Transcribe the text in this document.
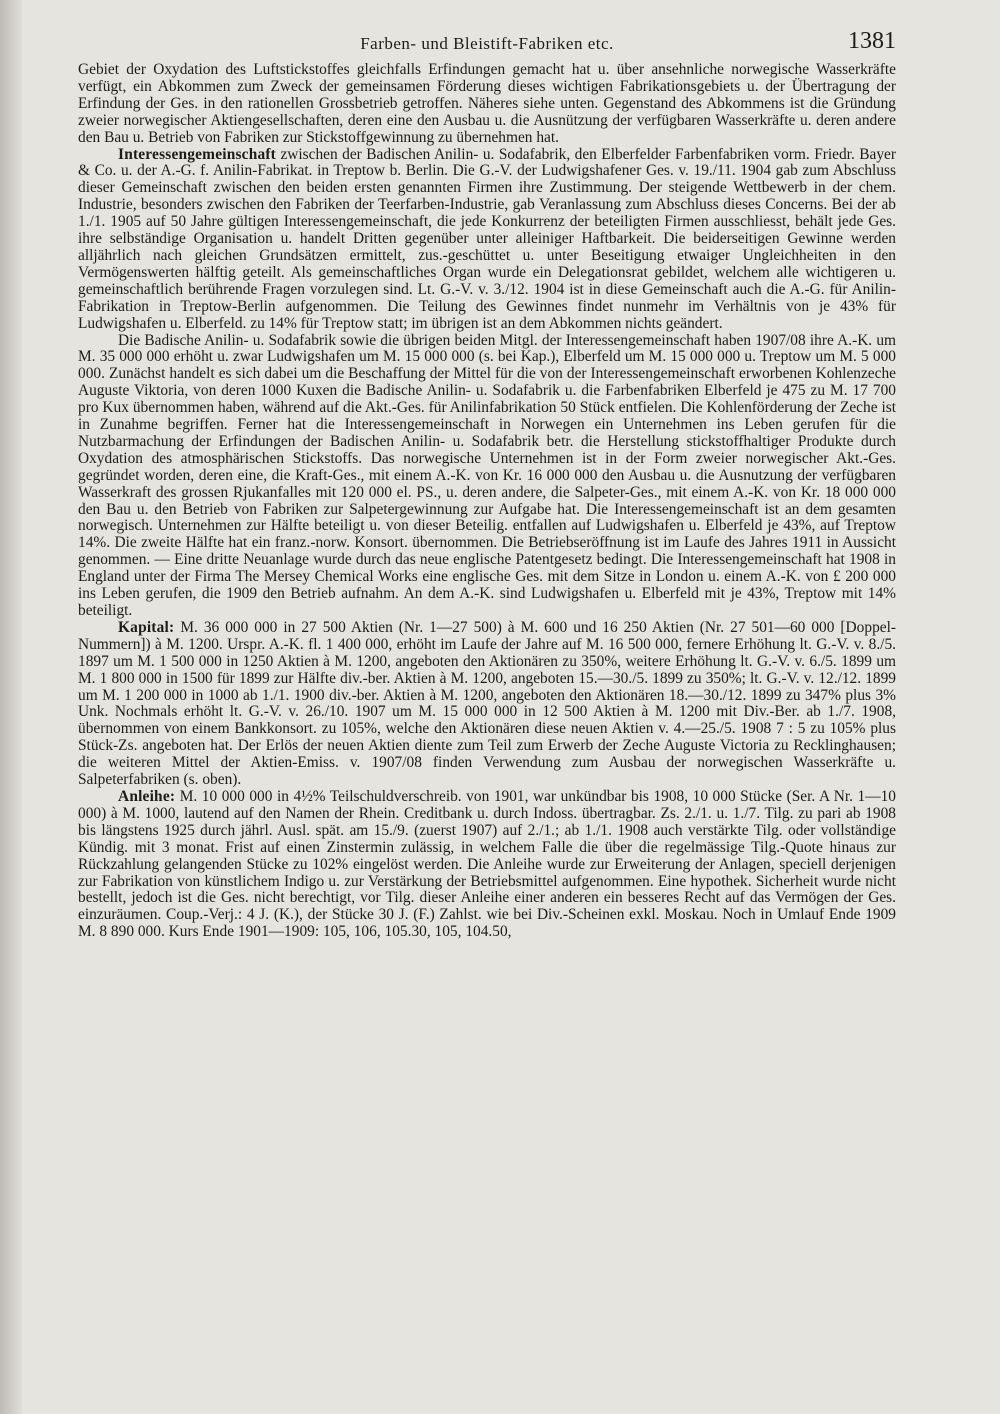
Farben- und Bleistift-Fabriken etc.	1381

Gebiet der Oxydation des Luftstickstoffes gleichfalls Erfindungen gemacht hat u. über ansehnliche norwegische Wasserkräfte verfügt, ein Abkommen zum Zweck der gemeinsamen Förderung dieses wichtigen Fabrikationsgebiets u. der Übertragung der Erfindung der Ges. in den rationellen Grossbetrieb getroffen. Näheres siehe unten. Gegenstand des Abkommens ist die Gründung zweier norwegischer Aktiengesellschaften, deren eine den Ausbau u. die Ausnützung der verfügbaren Wasserkräfte u. deren andere den Bau u. Betrieb von Fabriken zur Stickstoffgewinnung zu übernehmen hat.

Interessengemeinschaft zwischen der Badischen Anilin- u. Sodafabrik, den Elberfelder Farbenfabriken vorm. Friedr. Bayer & Co. u. der A.-G. f. Anilin-Fabrikat. in Treptow b. Berlin. Die G.-V. der Ludwigshafener Ges. v. 19./11. 1904 gab zum Abschluss dieser Gemeinschaft zwischen den beiden ersten genannten Firmen ihre Zustimmung. Der steigende Wettbewerb in der chem. Industrie, besonders zwischen den Fabriken der Teerfarben-Industrie, gab Veranlassung zum Abschluss dieses Concerns. Bei der ab 1./1. 1905 auf 50 Jahre gültigen Interessengemeinschaft, die jede Konkurrenz der beteiligten Firmen ausschliesst, behält jede Ges. ihre selbständige Organisation u. handelt Dritten gegenüber unter alleiniger Haftbarkeit. Die beiderseitigen Gewinne werden alljährlich nach gleichen Grundsätzen ermittelt, zus.-geschüttet u. unter Beseitigung etwaiger Ungleichheiten in den Vermögenswerten hälftig geteilt. Als gemeinschaftliches Organ wurde ein Delegationsrat gebildet, welchem alle wichtigeren u. gemeinschaftlich berührende Fragen vorzulegen sind. Lt. G.-V. v. 3./12. 1904 ist in diese Gemeinschaft auch die A.-G. für Anilin-Fabrikation in Treptow-Berlin aufgenommen. Die Teilung des Gewinnes findet nunmehr im Verhältnis von je 43% für Ludwigshafen u. Elberfeld. zu 14% für Treptow statt; im übrigen ist an dem Abkommen nichts geändert.

Die Badische Anilin- u. Sodafabrik sowie die übrigen beiden Mitgl. der Interessengemeinschaft haben 1907/08 ihre A.-K. um M. 35 000 000 erhöht u. zwar Ludwigshafen um M. 15 000 000 (s. bei Kap.), Elberfeld um M. 15 000 000 u. Treptow um M. 5 000 000. Zunächst handelt es sich dabei um die Beschaffung der Mittel für die von der Interessengemeinschaft erworbenen Kohlenzeche Auguste Viktoria, von deren 1000 Kuxen die Badische Anilin- u. Sodafabrik u. die Farbenfabriken Elberfeld je 475 zu M. 17 700 pro Kux übernommen haben, während auf die Akt.-Ges. für Anilinfabrikation 50 Stück entfielen. Die Kohlenförderung der Zeche ist in Zunahme begriffen. Ferner hat die Interessengemeinschaft in Norwegen ein Unternehmen ins Leben gerufen für die Nutzbarmachung der Erfindungen der Badischen Anilin- u. Sodafabrik betr. die Herstellung stickstoffhaltiger Produkte durch Oxydation des atmosphärischen Stickstoffs. Das norwegische Unternehmen ist in der Form zweier norwegischer Akt.-Ges. gegründet worden, deren eine, die Kraft-Ges., mit einem A.-K. von Kr. 16 000 000 den Ausbau u. die Ausnutzung der verfügbaren Wasserkraft des grossen Rjukanfalles mit 120 000 el. PS., u. deren andere, die Salpeter-Ges., mit einem A.-K. von Kr. 18 000 000 den Bau u. den Betrieb von Fabriken zur Salpetergewinnung zur Aufgabe hat. Die Interessengemeinschaft ist an dem gesamten norwegisch. Unternehmen zur Hälfte beteiligt u. von dieser Beteilig. entfallen auf Ludwigshafen u. Elberfeld je 43%, auf Treptow 14%. Die zweite Hälfte hat ein franz.-norw. Konsort. übernommen. Die Betriebseröffnung ist im Laufe des Jahres 1911 in Aussicht genommen. — Eine dritte Neuanlage wurde durch das neue englische Patentgesetz bedingt. Die Interessengemeinschaft hat 1908 in England unter der Firma The Mersey Chemical Works eine englische Ges. mit dem Sitze in London u. einem A.-K. von £ 200 000 ins Leben gerufen, die 1909 den Betrieb aufnahm. An dem A.-K. sind Ludwigshafen u. Elberfeld mit je 43%, Treptow mit 14% beteiligt.

Kapital: M. 36 000 000 in 27 500 Aktien (Nr. 1—27 500) à M. 600 und 16 250 Aktien (Nr. 27 501—60 000 [Doppel-Nummern]) à M. 1200. Urspr. A.-K. fl. 1 400 000, erhöht im Laufe der Jahre auf M. 16 500 000, fernere Erhöhung lt. G.-V. v. 8./5. 1897 um M. 1 500 000 in 1250 Aktien à M. 1200, angeboten den Aktionären zu 350%, weitere Erhöhung lt. G.-V. v. 6./5. 1899 um M. 1 800 000 in 1500 für 1899 zur Hälfte div.-ber. Aktien à M. 1200, angeboten 15.—30./5. 1899 zu 350%; lt. G.-V. v. 12./12. 1899 um M. 1 200 000 in 1000 ab 1./1. 1900 div.-ber. Aktien à M. 1200, angeboten den Aktionären 18.—30./12. 1899 zu 347% plus 3% Unk. Nochmals erhöht lt. G.-V. v. 26./10. 1907 um M. 15 000 000 in 12 500 Aktien à M. 1200 mit Div.-Ber. ab 1./7. 1908, übernommen von einem Bankkonsort. zu 105%, welche den Aktionären diese neuen Aktien v. 4.—25./5. 1908 7 : 5 zu 105% plus Stück-Zs. angeboten hat. Der Erlös der neuen Aktien diente zum Teil zum Erwerb der Zeche Auguste Victoria zu Recklinghausen; die weiteren Mittel der Aktien-Emiss. v. 1907/08 finden Verwendung zum Ausbau der norwegischen Wasserkräfte u. Salpeterfabriken (s. oben).

Anleihe: M. 10 000 000 in 4½% Teilschuldverschreib. von 1901, war unkündbar bis 1908, 10 000 Stücke (Ser. A Nr. 1—10 000) à M. 1000, lautend auf den Namen der Rhein. Creditbank u. durch Indoss. übertragbar. Zs. 2./1. u. 1./7. Tilg. zu pari ab 1908 bis längstens 1925 durch jährl. Ausl. spät. am 15./9. (zuerst 1907) auf 2./1.; ab 1./1. 1908 auch verstärkte Tilg. oder vollständige Kündig. mit 3 monat. Frist auf einen Zinstermin zulässig, in welchem Falle die über die regelmässige Tilg.-Quote hinaus zur Rückzahlung gelangenden Stücke zu 102% eingelöst werden. Die Anleihe wurde zur Erweiterung der Anlagen, speciell derjenigen zur Fabrikation von künstlichem Indigo u. zur Verstärkung der Betriebsmittel aufgenommen. Eine hypothek. Sicherheit wurde nicht bestellt, jedoch ist die Ges. nicht berechtigt, vor Tilg. dieser Anleihe einer anderen ein besseres Recht auf das Vermögen der Ges. einzuräumen. Coup.-Verj.: 4 J. (K.), der Stücke 30 J. (F.) Zahlst. wie bei Div.-Scheinen exkl. Moskau. Noch in Umlauf Ende 1909 M. 8 890 000. Kurs Ende 1901—1909: 105, 106, 105.30, 105, 104.50,
